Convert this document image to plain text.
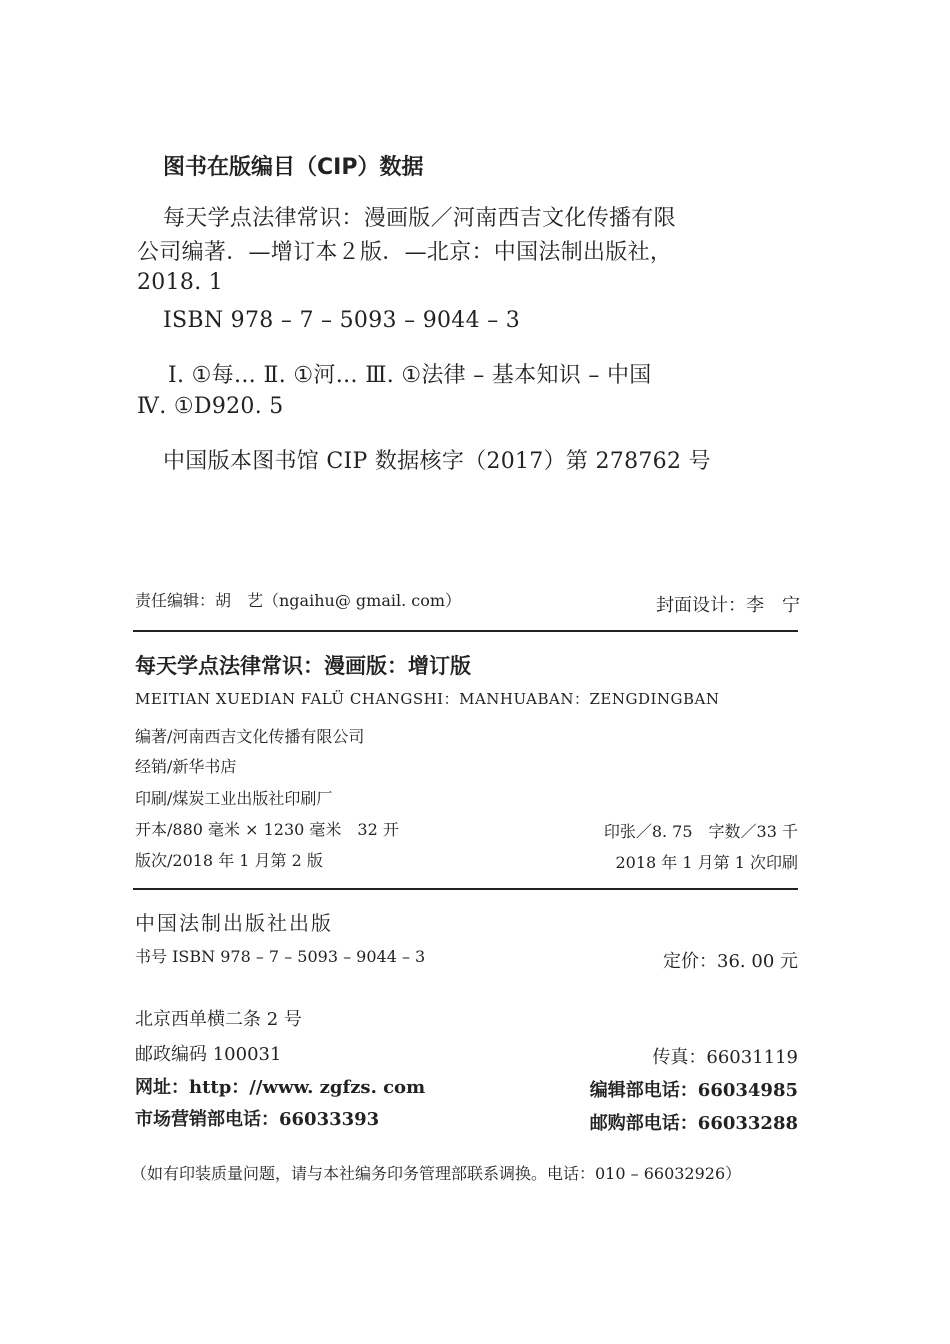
图书在版编目（CIP）数据
每天学点法律常识：漫画版／河南西吉文化传播有限
公司编著．—增订本２版．—北京：中国法制出版社，
2018. 1
ISBN 978 – 7 – 5093 – 9044 – 3
Ⅰ. ①每… Ⅱ. ①河… Ⅲ. ①法律 – 基本知识 – 中国
Ⅳ. ①D920. 5
中国版本图书馆 CIP 数据核字（2017）第 278762 号
责任编辑：胡　艺（ngaihu@ gmail. com）	封面设计：李　宁
每天学点法律常识：漫画版：增订版
MEITIAN XUEDIAN FALÜ CHANGSHI：MANHUABAN：ZENGDINGBAN
编著/河南西吉文化传播有限公司
经销/新华书店
印刷/煤炭工业出版社印刷厂
开本/880 毫米 × 1230 毫米　32 开	印张／8. 75　字数／33 千
版次/2018 年 1 月第 2 版	2018 年 1 月第 1 次印刷
中国法制出版社出版
书号 ISBN 978 – 7 – 5093 – 9044 – 3	定价：36. 00 元
北京西单横二条 2 号
邮政编码 100031	传真：66031119
网址：http：//www. zgfzs. com	编辑部电话：66034985
市场营销部电话：66033393	邮购部电话：66033288
（如有印装质量问题，请与本社编务印务管理部联系调换。电话：010 – 66032926）
